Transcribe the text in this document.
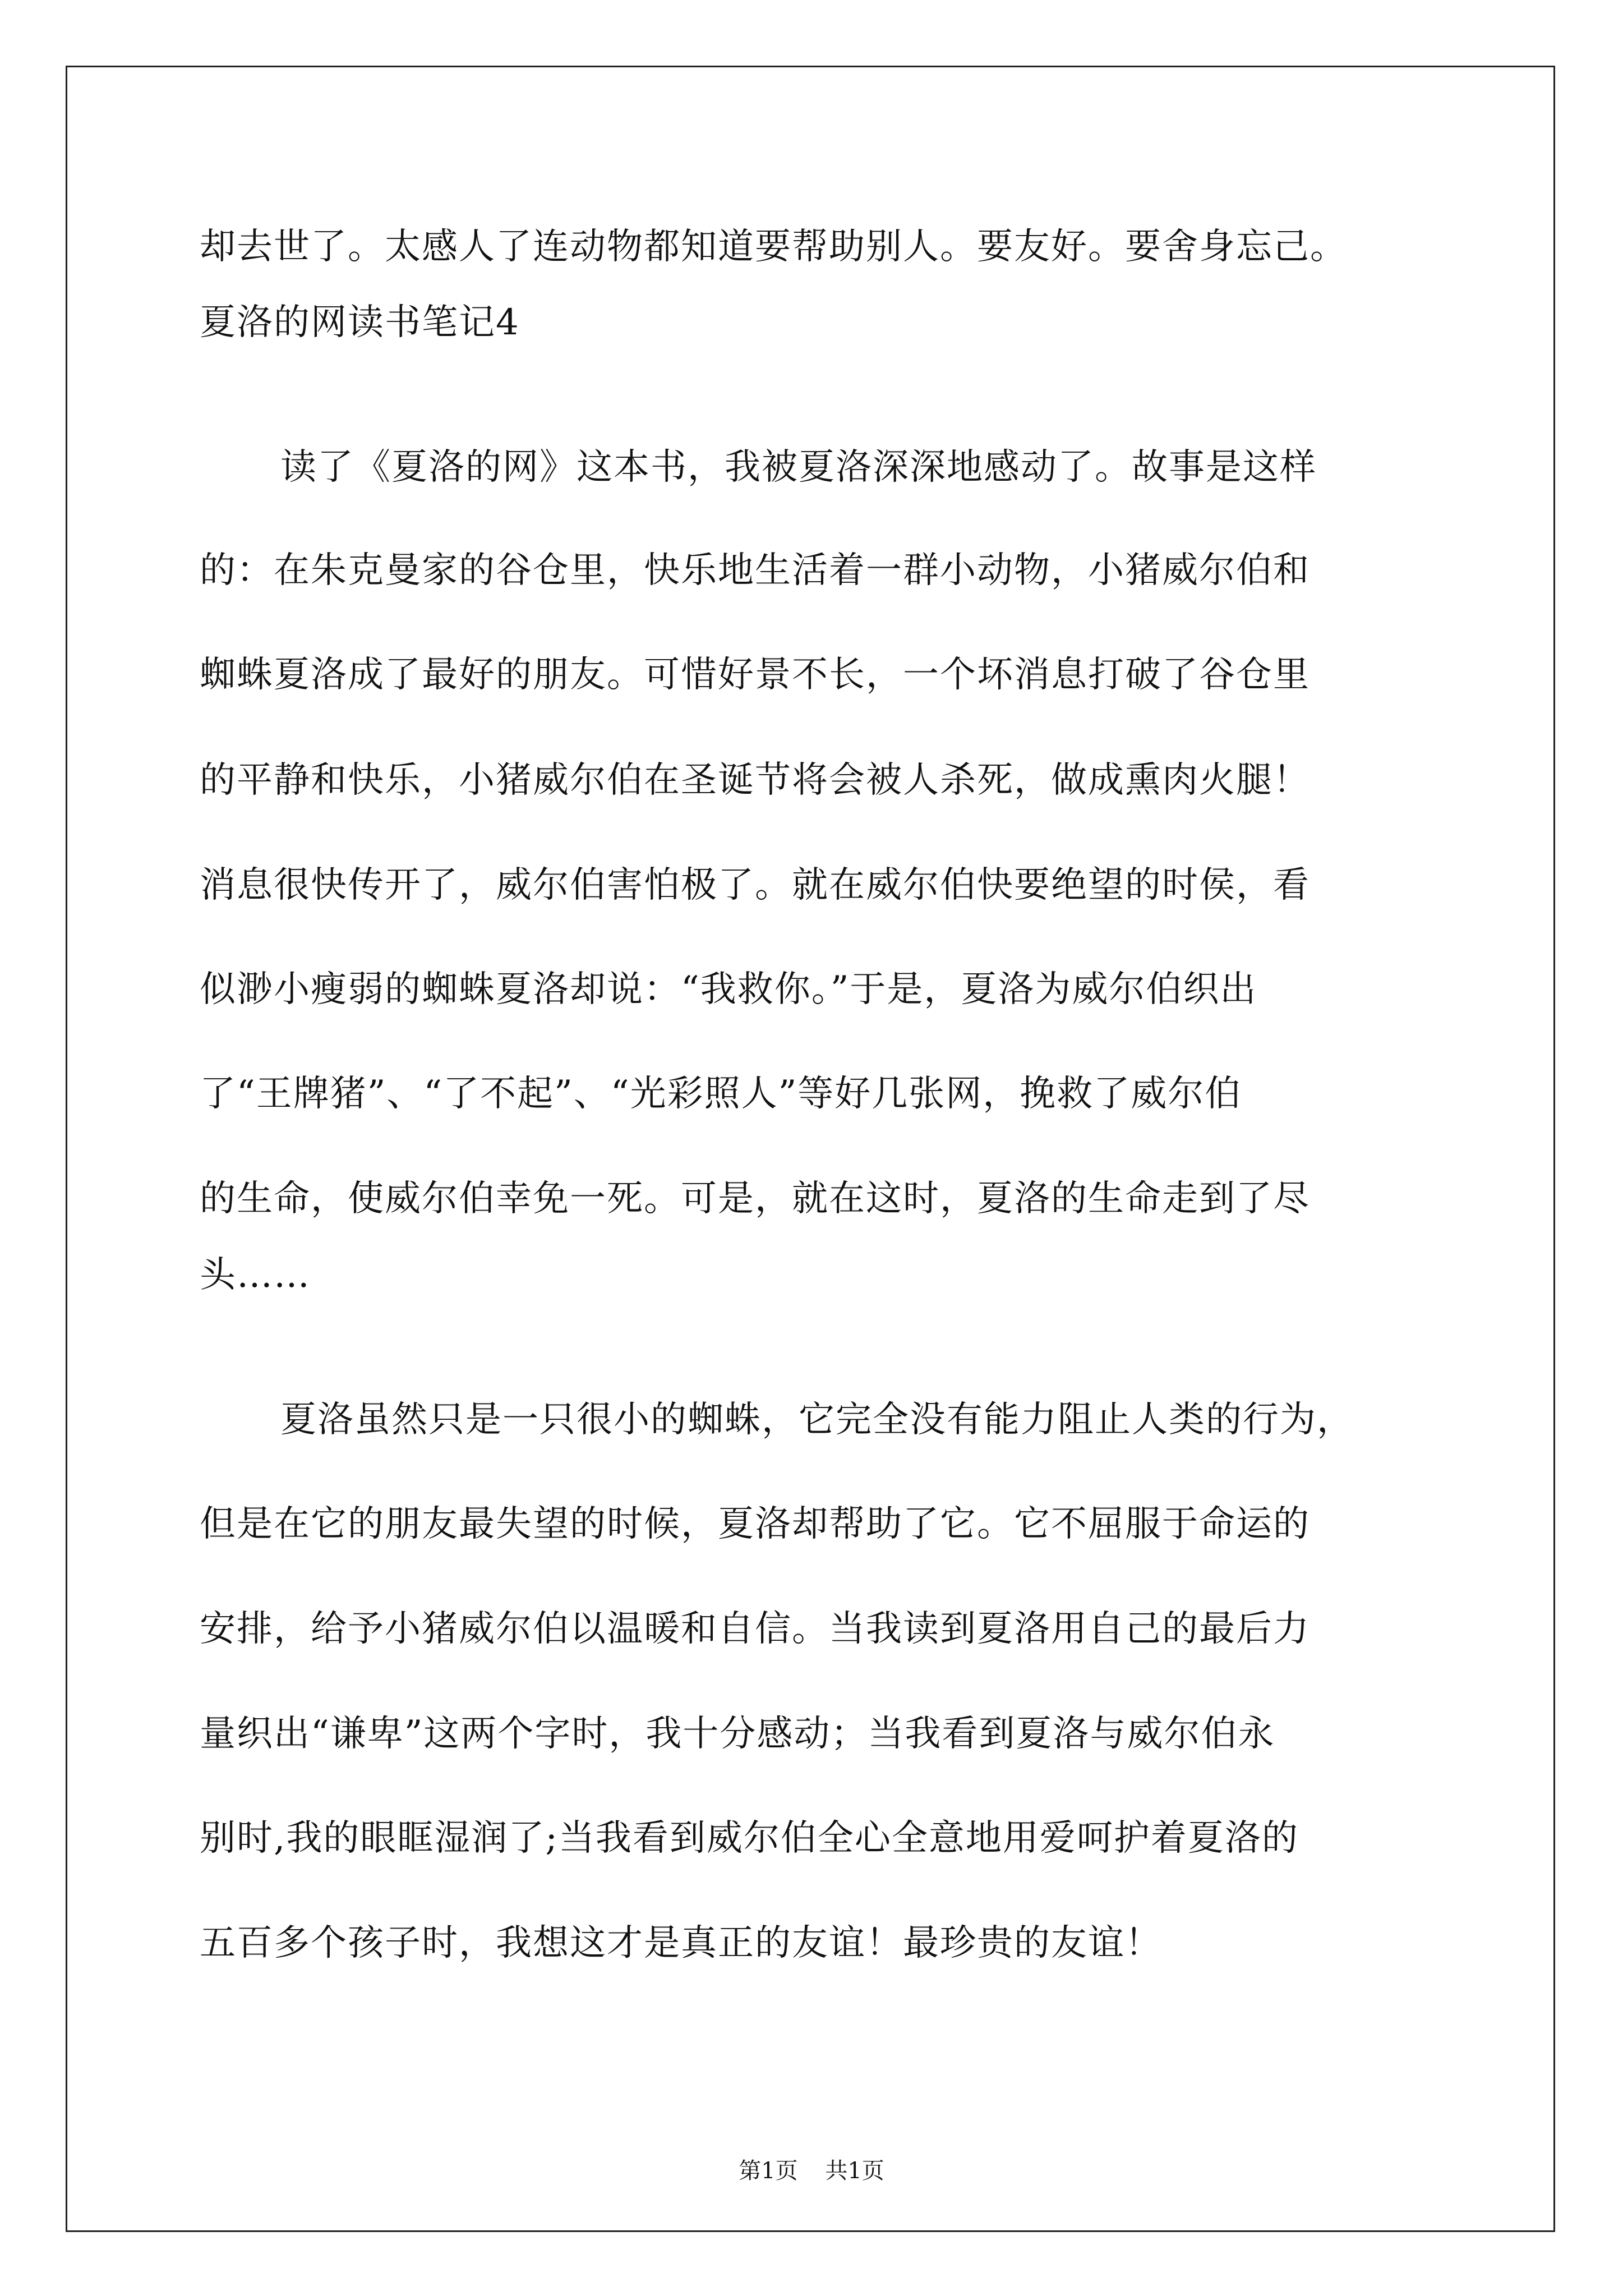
却去世了。太感人了连动物都知道要帮助别人。要友好。要舍身忘己。
夏洛的网读书笔记4
读了《夏洛的网》这本书，我被夏洛深深地感动了。故事是这样
的：在朱克曼家的谷仓里，快乐地生活着一群小动物，小猪威尔伯和
蜘蛛夏洛成了最好的朋友。可惜好景不长，一个坏消息打破了谷仓里
的平静和快乐，小猪威尔伯在圣诞节将会被人杀死，做成熏肉火腿！
消息很快传开了，威尔伯害怕极了。就在威尔伯快要绝望的时侯，看
似渺小瘦弱的蜘蛛夏洛却说：“我救你。”于是，夏洛为威尔伯织出
了“王牌猪”、“了不起”、“光彩照人”等好几张网，挽救了威尔伯
的生命，使威尔伯幸免一死。可是，就在这时，夏洛的生命走到了尽
头……
夏洛虽然只是一只很小的蜘蛛，它完全没有能力阻止人类的行为，
但是在它的朋友最失望的时候，夏洛却帮助了它。它不屈服于命运的
安排，给予小猪威尔伯以温暖和自信。当我读到夏洛用自己的最后力
量织出“谦卑”这两个字时，我十分感动；当我看到夏洛与威尔伯永
别时,我的眼眶湿润了;当我看到威尔伯全心全意地用爱呵护着夏洛的
五百多个孩子时，我想这才是真正的友谊！最珍贵的友谊！
第1页 共1页
